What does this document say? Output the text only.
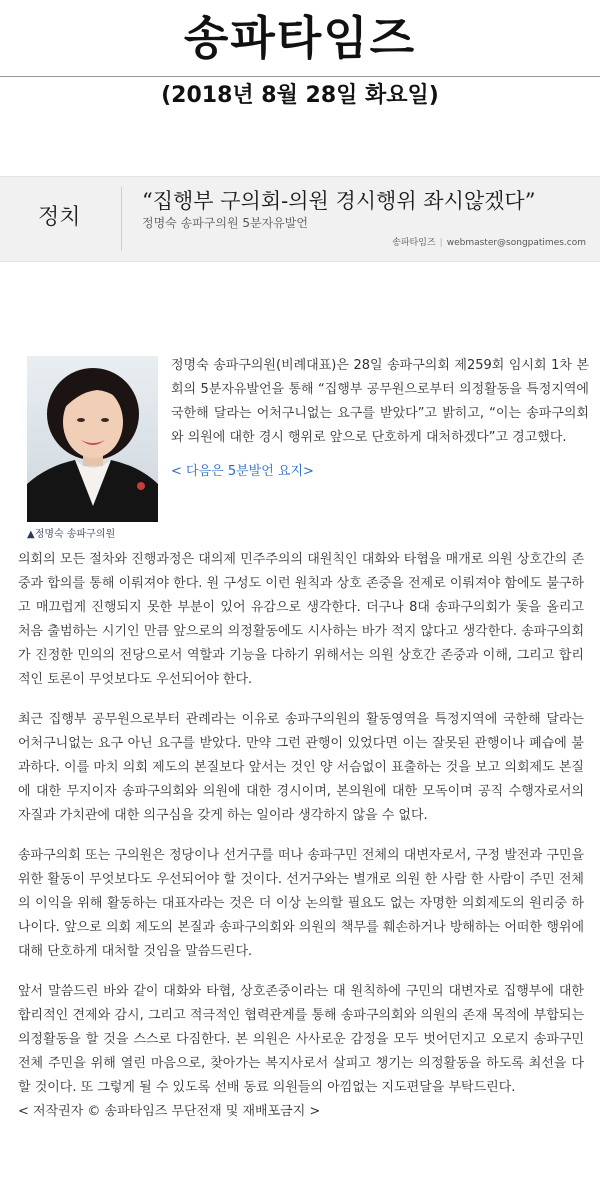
송파타임즈
(2018년 8월 28일 화요일)
정치
“집행부 구의회-의원 경시행위 좌시않겠다”
정명숙 송파구의원 5분자유발언
송파타임즈 | webmaster@songpatimes.com
▲정명숙 송파구의원
정명숙 송파구의원(비례대표)은 28일 송파구의회 제259회 임시회 1차 본회의 5분자유발언을 통해 “집행부 공무원으로부터 의정활동을 특정지역에 국한해 달라는 어처구니없는 요구를 받았다”고 밝히고, “이는 송파구의회와 의원에 대한 경시 행위로 앞으로 단호하게 대처하겠다”고 경고했다.
< 다음은 5분발언 요지>

의회의 모든 절차와 진행과정은 대의제 민주주의의 대원칙인 대화와 타협을 매개로 의원 상호간의 존중과 합의를 통해 이뤄져야 한다. 원 구성도 이런 원칙과 상호 존중을 전제로 이뤄져야 함에도 불구하고 매끄럽게 진행되지 못한 부분이 있어 유감으로 생각한다. 더구나 8대 송파구의회가 돛을 올리고 처음 출범하는 시기인 만큼 앞으로의 의정활동에도 시사하는 바가 적지 않다고 생각한다. 송파구의회가 진정한 민의의 전당으로서 역할과 기능을 다하기 위해서는 의원 상호간 존중과 이해, 그리고 합리적인 토론이 무엇보다도 우선되어야 한다.

최근 집행부 공무원으로부터 관례라는 이유로 송파구의원의 활동영역을 특정지역에 국한해 달라는 어처구니없는 요구 아닌 요구를 받았다. 만약 그런 관행이 있었다면 이는 잘못된 관행이나 폐습에 불과하다. 이를 마치 의회 제도의 본질보다 앞서는 것인 양 서슴없이 표출하는 것을 보고 의회제도 본질에 대한 무지이자 송파구의회와 의원에 대한 경시이며, 본의원에 대한 모독이며 공직 수행자로서의 자질과 가치관에 대한 의구심을 갖게 하는 일이라 생각하지 않을 수 없다.

송파구의회 또는 구의원은 정당이나 선거구를 떠나 송파구민 전체의 대변자로서, 구정 발전과 구민을 위한 활동이 무엇보다도 우선되어야 할 것이다. 선거구와는 별개로 의원 한 사람 한 사람이 주민 전체의 이익을 위해 활동하는 대표자라는 것은 더 이상 논의할 필요도 없는 자명한 의회제도의 원리중 하나이다. 앞으로 의회 제도의 본질과 송파구의회와 의원의 책무를 훼손하거나 방해하는 어떠한 행위에 대해 단호하게 대처할 것임을 말씀드린다.

앞서 말씀드린 바와 같이 대화와 타협, 상호존중이라는 대 원칙하에 구민의 대변자로 집행부에 대한 합리적인 견제와 감시, 그리고 적극적인 협력관계를 통해 송파구의회와 의원의 존재 목적에 부합되는 의정활동을 할 것을 스스로 다짐한다. 본 의원은 사사로운 감정을 모두 벗어던지고 오로지 송파구민 전체 주민을 위해 열린 마음으로, 찾아가는 복지사로서 살피고 챙기는 의정활동을 하도록 최선을 다할 것이다. 또 그렇게 될 수 있도록 선배 동료 의원들의 아낌없는 지도편달을 부탁드린다.

< 저작권자 © 송파타임즈 무단전재 및 재배포금지 >
